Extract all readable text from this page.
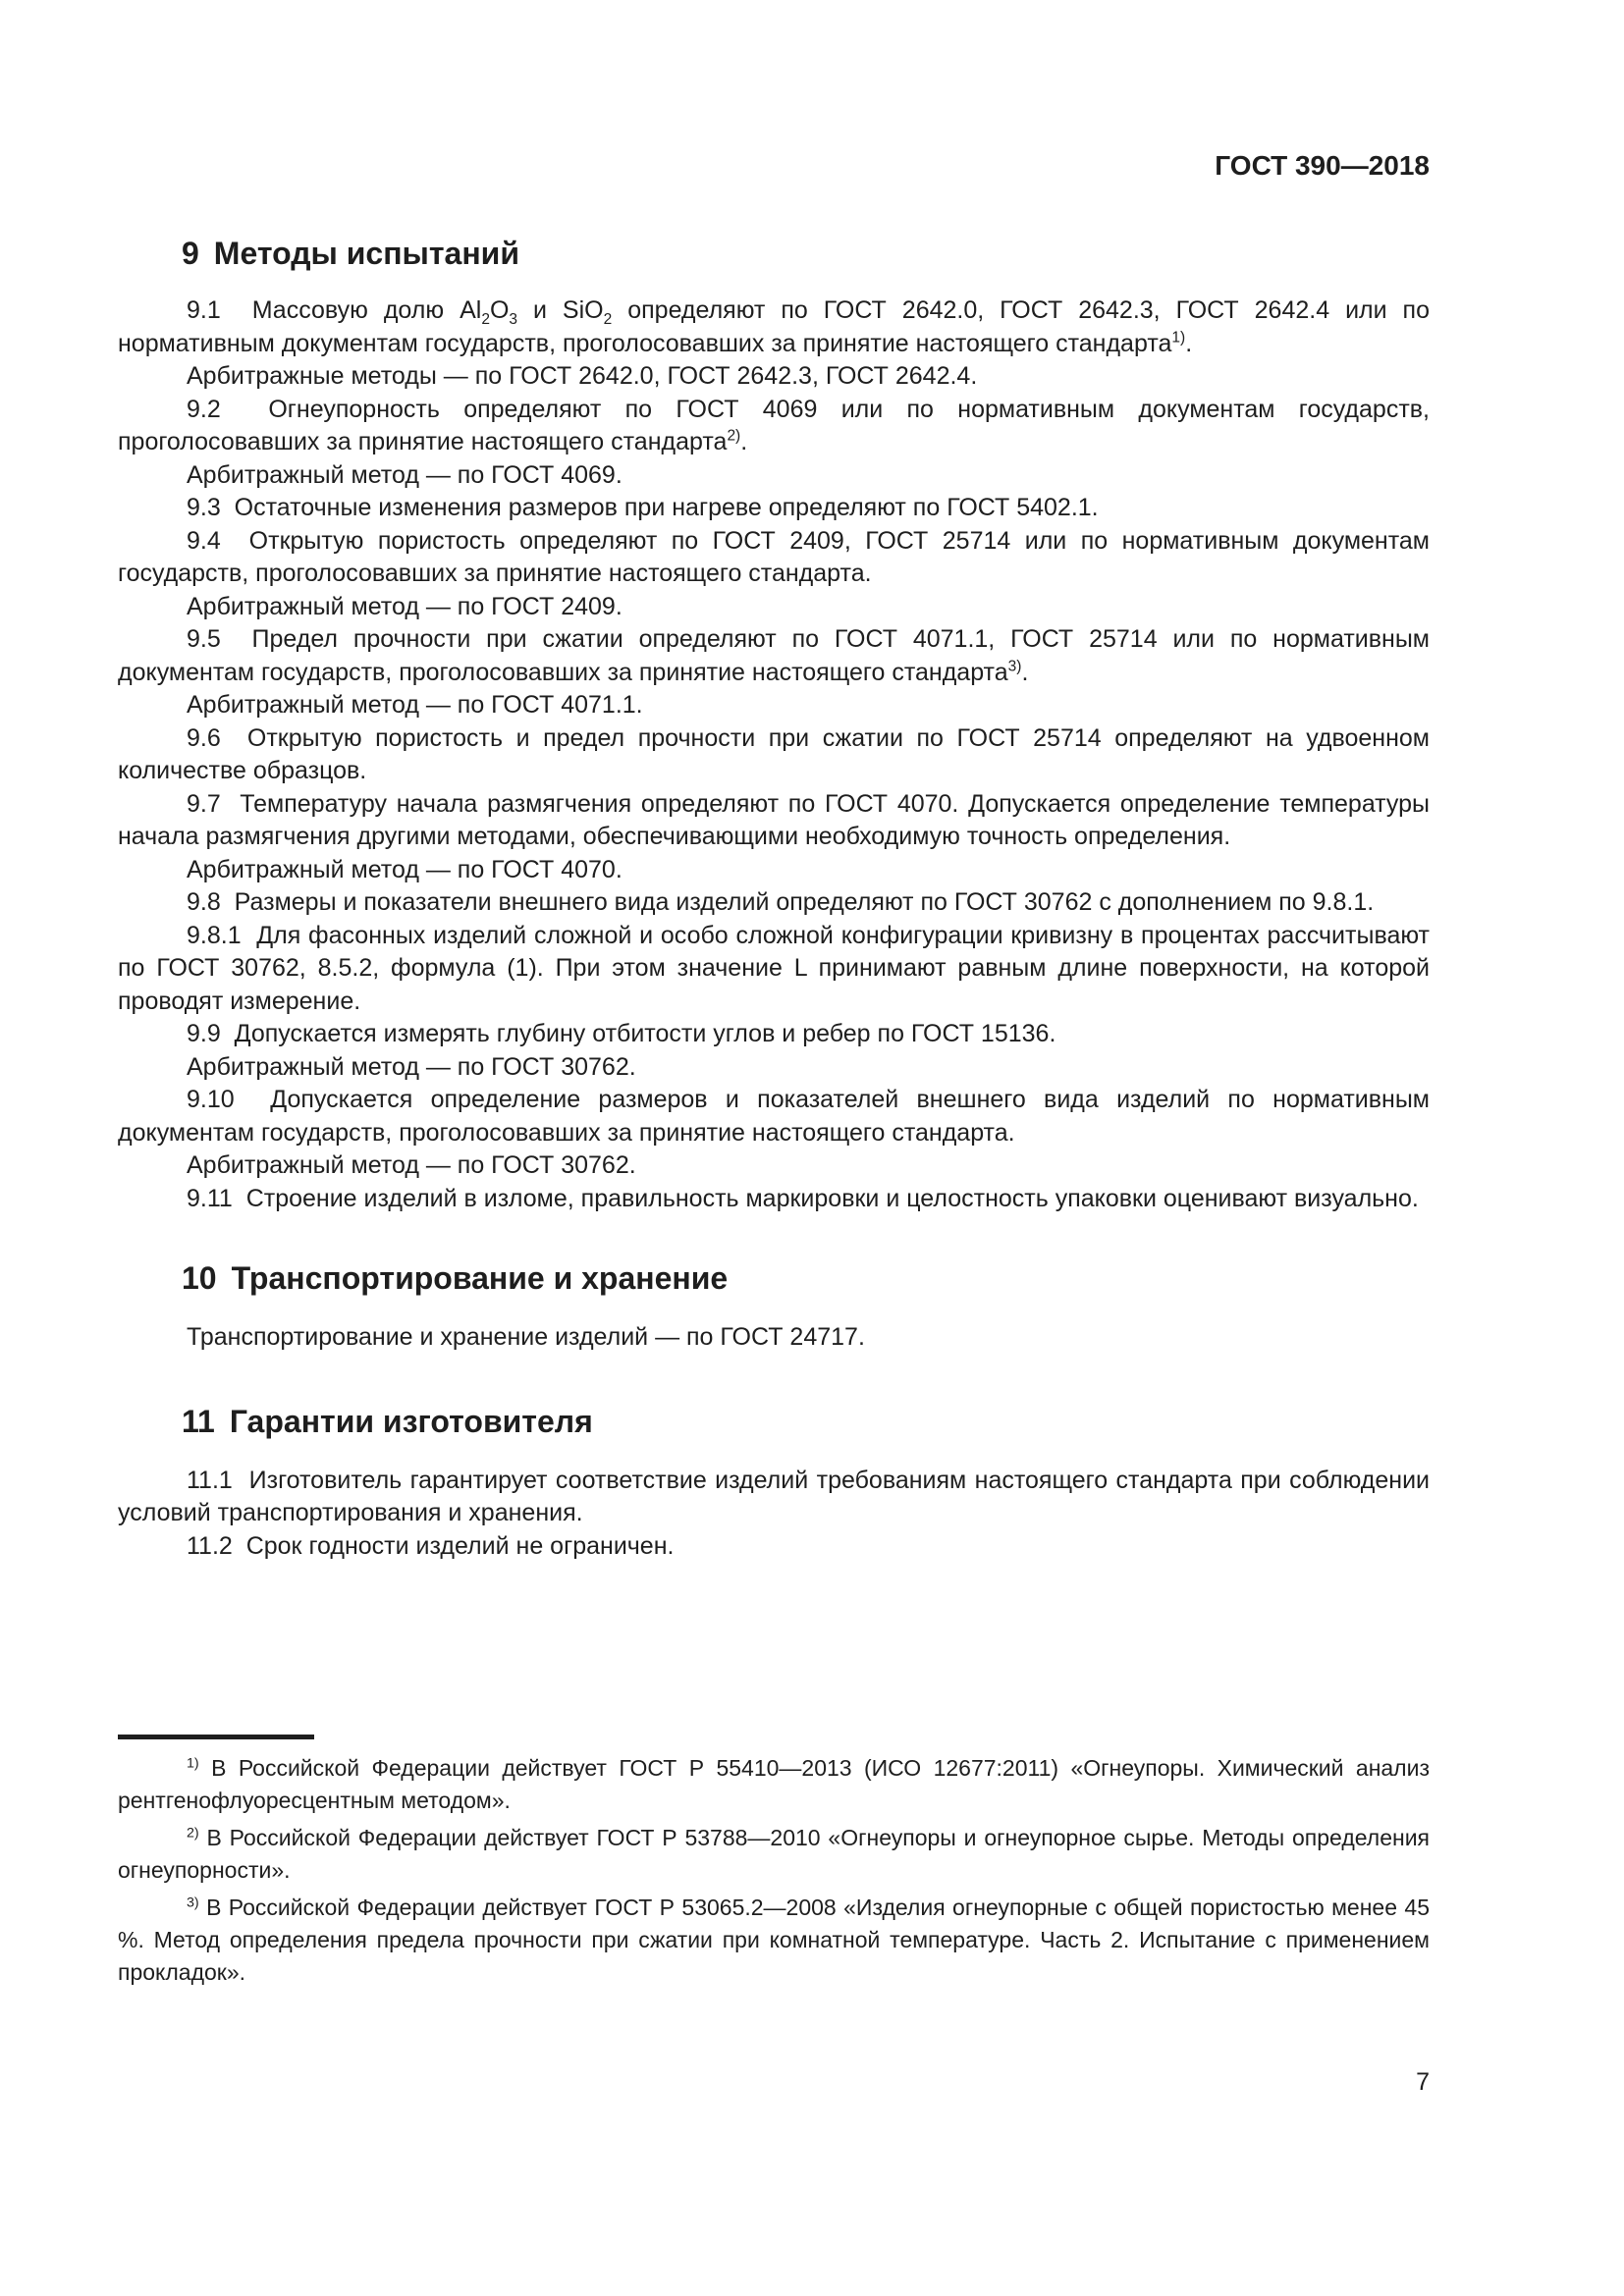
ГОСТ 390—2018
9 Методы испытаний

9.1  Массовую долю $Al_2O_3$ и SiO$_2$ определяют по ГОСТ 2642.0, ГОСТ 2642.3, ГОСТ 2642.4 или по нормативным документам государств, проголосовавших за принятие настоящего стандарта$^{1)}$.

Арбитражные методы — по ГОСТ 2642.0, ГОСТ 2642.3, ГОСТ 2642.4.

9.2  Огнеупорность определяют по ГОСТ 4069 или по нормативным документам государств, проголосовавших за принятие настоящего стандарта$^{2)}$.

Арбитражный метод — по ГОСТ 4069.

9.3  Остаточные изменения размеров при нагреве определяют по ГОСТ 5402.1.

9.4  Открытую пористость определяют по ГОСТ 2409, ГОСТ 25714 или по нормативным документам государств, проголосовавших за принятие настоящего стандарта.

Арбитражный метод — по ГОСТ 2409.

9.5  Предел прочности при сжатии определяют по ГОСТ 4071.1, ГОСТ 25714 или по нормативным документам государств, проголосовавших за принятие настоящего стандарта$^{3)}$.

Арбитражный метод — по ГОСТ 4071.1.

9.6  Открытую пористость и предел прочности при сжатии по ГОСТ 25714 определяют на удвоенном количестве образцов.

9.7  Температуру начала размягчения определяют по ГОСТ 4070. Допускается определение температуры начала размягчения другими методами, обеспечивающими необходимую точность определения.

Арбитражный метод — по ГОСТ 4070.

9.8  Размеры и показатели внешнего вида изделий определяют по ГОСТ 30762 с дополнением по 9.8.1.

9.8.1  Для фасонных изделий сложной и особо сложной конфигурации кривизну в процентах рассчитывают по ГОСТ 30762, 8.5.2, формула (1). При этом значение L принимают равным длине поверхности, на которой проводят измерение.

9.9  Допускается измерять глубину отбитости углов и ребер по ГОСТ 15136.

Арбитражный метод — по ГОСТ 30762.

9.10  Допускается определение размеров и показателей внешнего вида изделий по нормативным документам государств, проголосовавших за принятие настоящего стандарта.

Арбитражный метод — по ГОСТ 30762.

9.11  Строение изделий в изломе, правильность маркировки и целостность упаковки оценивают визуально.

10 Транспортирование и хранение

Транспортирование и хранение изделий — по ГОСТ 24717.

11 Гарантии изготовителя

11.1  Изготовитель гарантирует соответствие изделий требованиям настоящего стандарта при соблюдении условий транспортирования и хранения.

11.2  Срок годности изделий не ограничен.

$^{1)}$ В Российской Федерации действует ГОСТ Р 55410—2013 (ИСО 12677:2011) «Огнеупоры. Химический анализ рентгенофлуоресцентным методом».

$^{2)}$ В Российской Федерации действует ГОСТ Р 53788—2010 «Огнеупоры и огнеупорное сырье. Методы определения огнеупорности».

$^{3)}$ В Российской Федерации действует ГОСТ Р 53065.2—2008 «Изделия огнеупорные с общей пористостью менее 45 %. Метод определения предела прочности при сжатии при комнатной температуре. Часть 2. Испытание с применением прокладок».

7
